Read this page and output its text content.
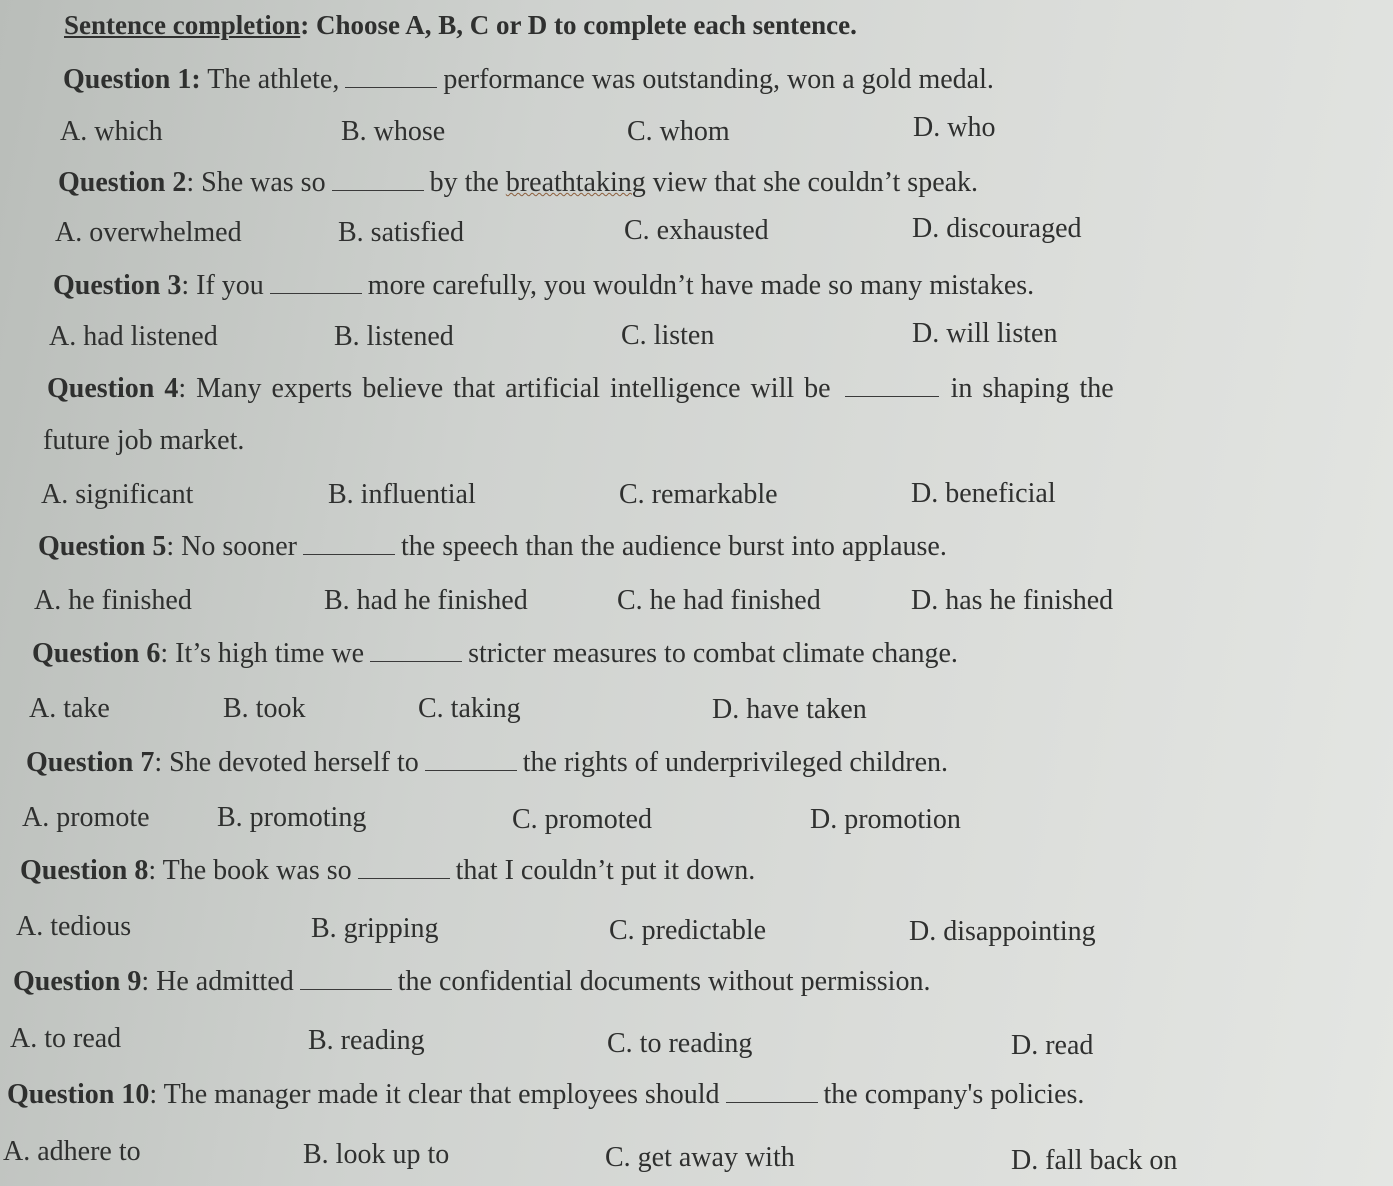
Sentence completion: Choose A, B, C or D to complete each sentence.
Question 1: The athlete,	performance was outstanding, won a gold medal.
A. which	B. whose	C. whom	D. who
Question 2: She was so	by the breathtaking view that she couldn’t speak.
A. overwhelmed	B. satisfied	C. exhausted	D. discouraged
Question 3: If you	more carefully, you wouldn’t have made so many mistakes.
A. had listened	B. listened	C. listen	D. will listen
Question 4: Many experts believe that artificial intelligence will be	in shaping the
future job market.
A. significant	B. influential	C. remarkable	D. beneficial
Question 5: No sooner	the speech than the audience burst into applause.
A. he finished	B. had he finished	C. he had finished	D. has he finished
Question 6: It’s high time we	stricter measures to combat climate change.
A. take	B. took	C. taking	D. have taken
Question 7: She devoted herself to	the rights of underprivileged children.
A. promote B. promoting	C. promoted	D. promotion
Question 8: The book was so	that I couldn’t put it down.
A. tedious	B. gripping	C. predictable	D. disappointing
Question 9: He admitted	the confidential documents without permission.
A. to read	B. reading	C. to reading	D. read
Question 10: The manager made it clear that employees should	the company's policies.
A. adhere to	B. look up to	C. get away with	D. fall back on
